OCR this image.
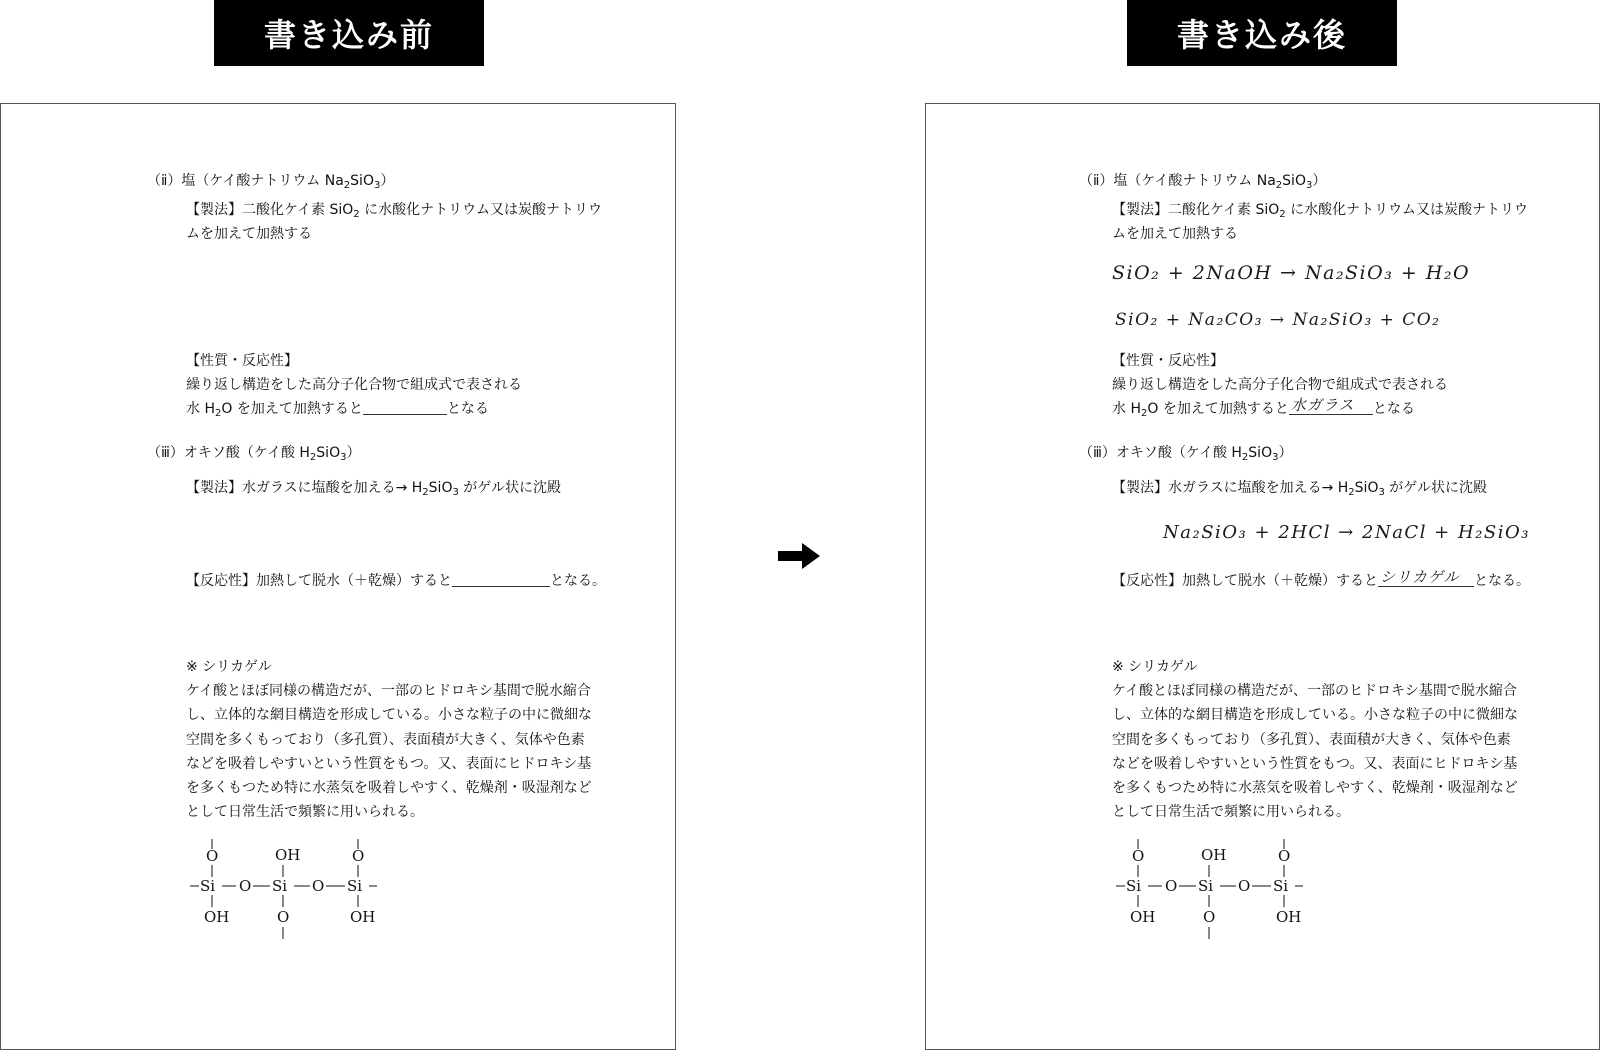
書き込み前	書き込み後

（ⅱ）塩（ケイ酸ナトリウム $Na_2SiO_3$）

【製法】二酸化ケイ素 SiO$_2$ に水酸化ナトリウム又は炭酸ナトリウ

ムを加えて加熱する

【性質・反応性】

繰り返し構造をした高分子化合物で組成式で表される

水 $H_2O$ を加えて加熱すると	となる

（ⅲ）オキソ酸（ケイ酸 $H_2SiO_3$）

【製法】水ガラスに塩酸を加える→ $H_2SiO_3$ がゲル状に沈殿

【反応性】加熱して脱水（＋乾燥）すると	となる。

※ シリカゲル

ケイ酸とほぼ同様の構造だが、一部のヒドロキシ基間で脱水縮合

し、立体的な網目構造を形成している。小さな粒子の中に微細な

空間を多くもっており（多孔質）、表面積が大きく、気体や色素

などを吸着しやすいという性質をもつ。又、表面にヒドロキシ基

を多くもつため特に水蒸気を吸着しやすく、乾燥剤・吸湿剤など

として日常生活で頻繁に用いられる。

O	OH	O
Si O Si O Si
OH	O	OH

（ⅱ）塩（ケイ酸ナトリウム $Na_2SiO_3$）

【製法】二酸化ケイ素 SiO$_2$ に水酸化ナトリウム又は炭酸ナトリウ

ムを加えて加熱する

SiO₂ + 2NaOH → Na₂SiO₃ + H₂O
SiO₂ + Na₂CO₃ → Na₂SiO₃ + CO₂

【性質・反応性】

繰り返し構造をした高分子化合物で組成式で表される

水 $H_2O$ を加えて加熱すると 水ガラス となる

（ⅲ）オキソ酸（ケイ酸 $H_2SiO_3$）

【製法】水ガラスに塩酸を加える→ $H_2SiO_3$ がゲル状に沈殿

Na₂SiO₃ + 2HCl → 2NaCl + H₂SiO₃

【反応性】加熱して脱水（＋乾燥）すると シリカゲル となる。

※ シリカゲル

ケイ酸とほぼ同様の構造だが、一部のヒドロキシ基間で脱水縮合

し、立体的な網目構造を形成している。小さな粒子の中に微細な

空間を多くもっており（多孔質）、表面積が大きく、気体や色素

などを吸着しやすいという性質をもつ。又、表面にヒドロキシ基

を多くもつため特に水蒸気を吸着しやすく、乾燥剤・吸湿剤など

として日常生活で頻繁に用いられる。

O	OH	O
Si O Si O Si
OH	O	OH
